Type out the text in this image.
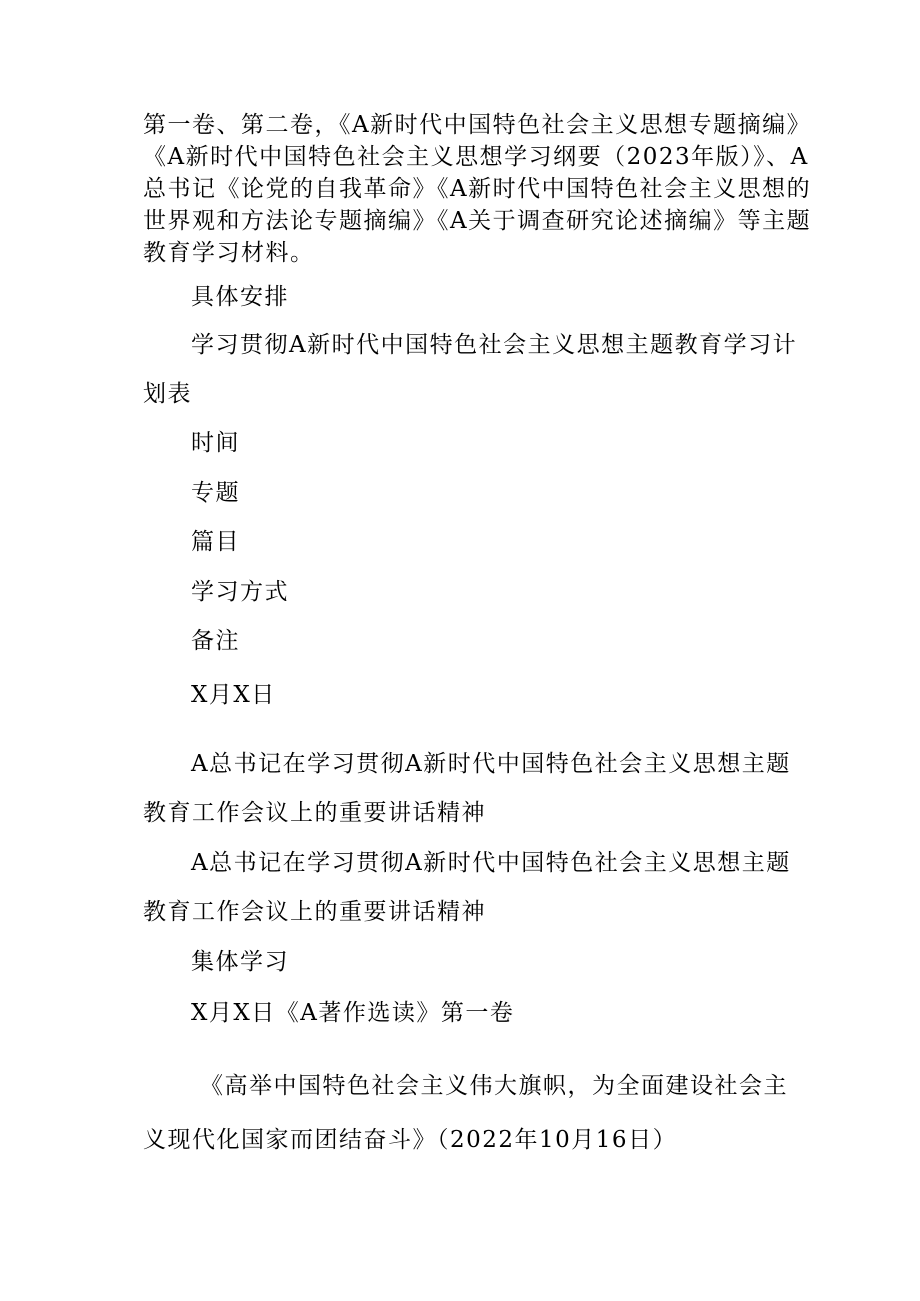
第一卷、第二卷，《A新时代中国特色社会主义思想专题摘编》

《A新时代中国特色社会主义思想学习纲要（2023年版）》、A

总书记《论党的自我革命》《A新时代中国特色社会主义思想的

世界观和方法论专题摘编》《A关于调查研究论述摘编》等主题

教育学习材料。

具体安排

学习贯彻A新时代中国特色社会主义思想主题教育学习计

划表

时间

专题

篇目

学习方式

备注

X月X日

A总书记在学习贯彻A新时代中国特色社会主义思想主题

教育工作会议上的重要讲话精神

A总书记在学习贯彻A新时代中国特色社会主义思想主题

教育工作会议上的重要讲话精神

集体学习

X月X日《A著作选读》第一卷

《高举中国特色社会主义伟大旗帜，为全面建设社会主

义现代化国家而团结奋斗》（2022年10月16日）
